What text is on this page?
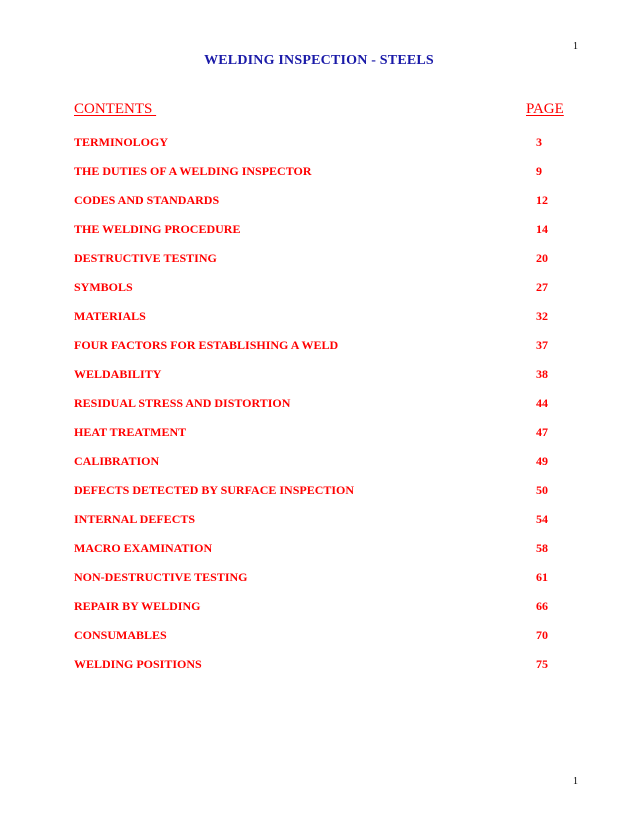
1
WELDING INSPECTION - STEELS
CONTENTS	PAGE
TERMINOLOGY	3
THE DUTIES OF A WELDING INSPECTOR	9
CODES AND STANDARDS	12
THE WELDING PROCEDURE	14
DESTRUCTIVE TESTING	20
SYMBOLS	27
MATERIALS	32
FOUR FACTORS FOR ESTABLISHING A WELD	37
WELDABILITY	38
RESIDUAL STRESS AND DISTORTION	44
HEAT TREATMENT	47
CALIBRATION	49
DEFECTS DETECTED BY SURFACE INSPECTION	50
INTERNAL DEFECTS	54
MACRO EXAMINATION	58
NON-DESTRUCTIVE TESTING	61
REPAIR BY WELDING	66
CONSUMABLES	70
WELDING POSITIONS	75
1
